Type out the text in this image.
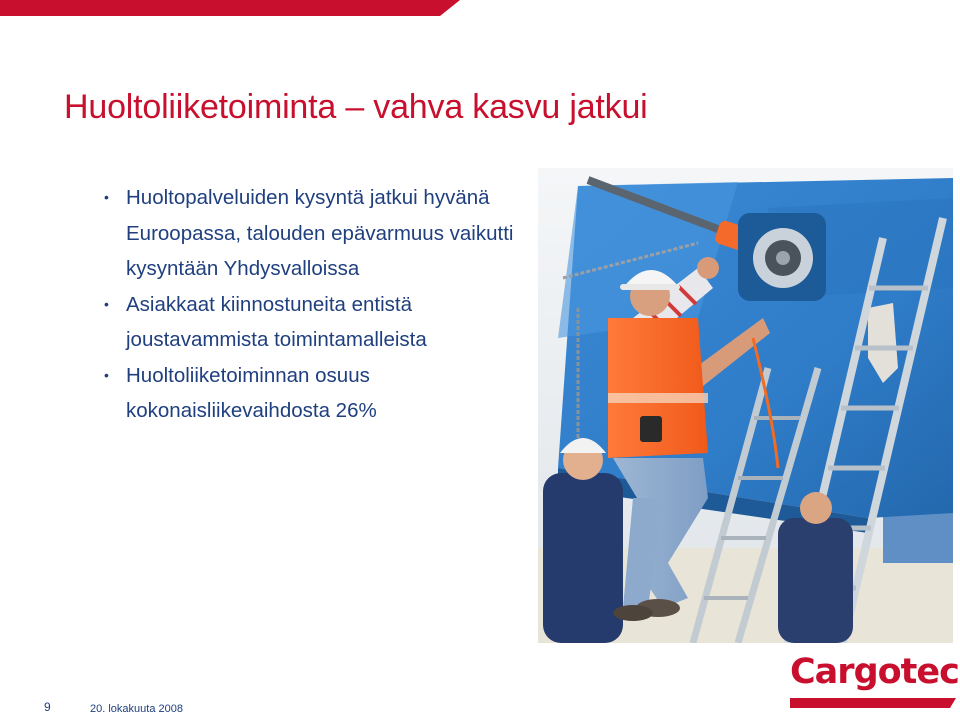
Huoltoliiketoiminta – vahva kasvu jatkui
• Huoltopalveluiden kysyntä jatkui hyvänä Euroopassa, talouden epävarmuus vaikutti kysyntään Yhdysvalloissa
• Asiakkaat kiinnostuneita entistä joustavammista toimintamalleista
• Huoltoliiketoiminnan osuus kokonaisliikevaihdosta 26%
9	20. lokakuuta 2008
Cargotec
